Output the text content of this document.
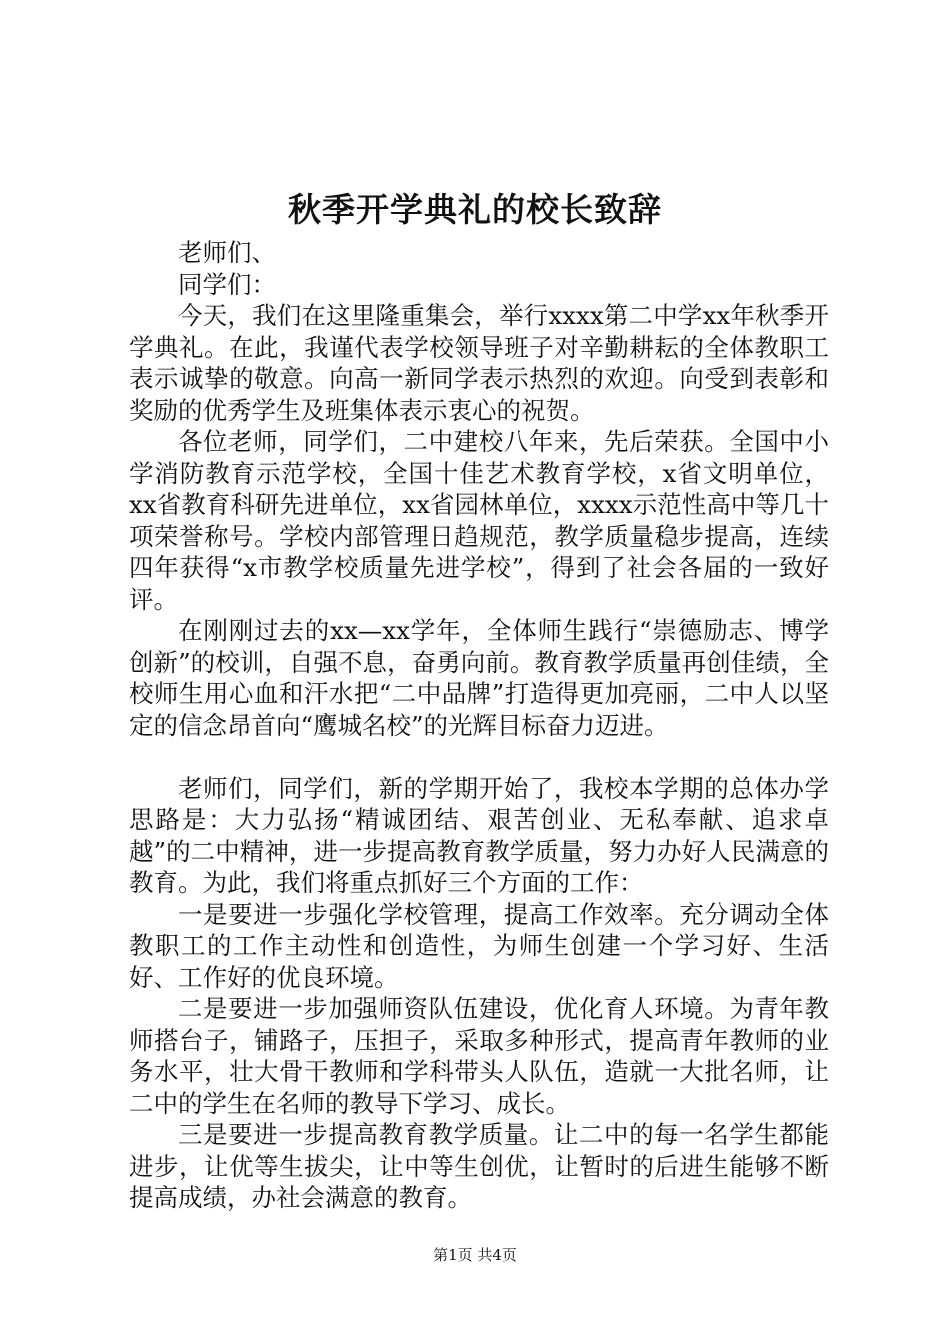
秋季开学典礼的校长致辞

老师们、

同学们：

今天，我们在这里隆重集会，举行xxxx第二中学xx年秋季开学典礼。在此，我谨代表学校领导班子对辛勤耕耘的全体教职工表示诚挚的敬意。向高一新同学表示热烈的欢迎。向受到表彰和奖励的优秀学生及班集体表示衷心的祝贺。

各位老师，同学们，二中建校八年来，先后荣获。全国中小学消防教育示范学校，全国十佳艺术教育学校，x省文明单位，xx省教育科研先进单位，xx省园林单位，xxxx示范性高中等几十项荣誉称号。学校内部管理日趋规范，教学质量稳步提高，连续四年获得“x市教学校质量先进学校”，得到了社会各届的一致好评。

在刚刚过去的xx—xx学年，全体师生践行“崇德励志、博学创新”的校训，自强不息，奋勇向前。教育教学质量再创佳绩，全校师生用心血和汗水把“二中品牌”打造得更加亮丽，二中人以坚定的信念昂首向“鹰城名校”的光辉目标奋力迈进。

老师们，同学们，新的学期开始了，我校本学期的总体办学思路是：大力弘扬“精诚团结、艰苦创业、无私奉献、追求卓越”的二中精神，进一步提高教育教学质量，努力办好人民满意的教育。为此，我们将重点抓好三个方面的工作：

一是要进一步强化学校管理，提高工作效率。充分调动全体教职工的工作主动性和创造性，为师生创建一个学习好、生活好、工作好的优良环境。

二是要进一步加强师资队伍建设，优化育人环境。为青年教师搭台子，铺路子，压担子，采取多种形式，提高青年教师的业务水平，壮大骨干教师和学科带头人队伍，造就一大批名师，让二中的学生在名师的教导下学习、成长。

三是要进一步提高教育教学质量。让二中的每一名学生都能进步，让优等生拔尖，让中等生创优，让暂时的后进生能够不断提高成绩，办社会满意的教育。

第1页 共4页
